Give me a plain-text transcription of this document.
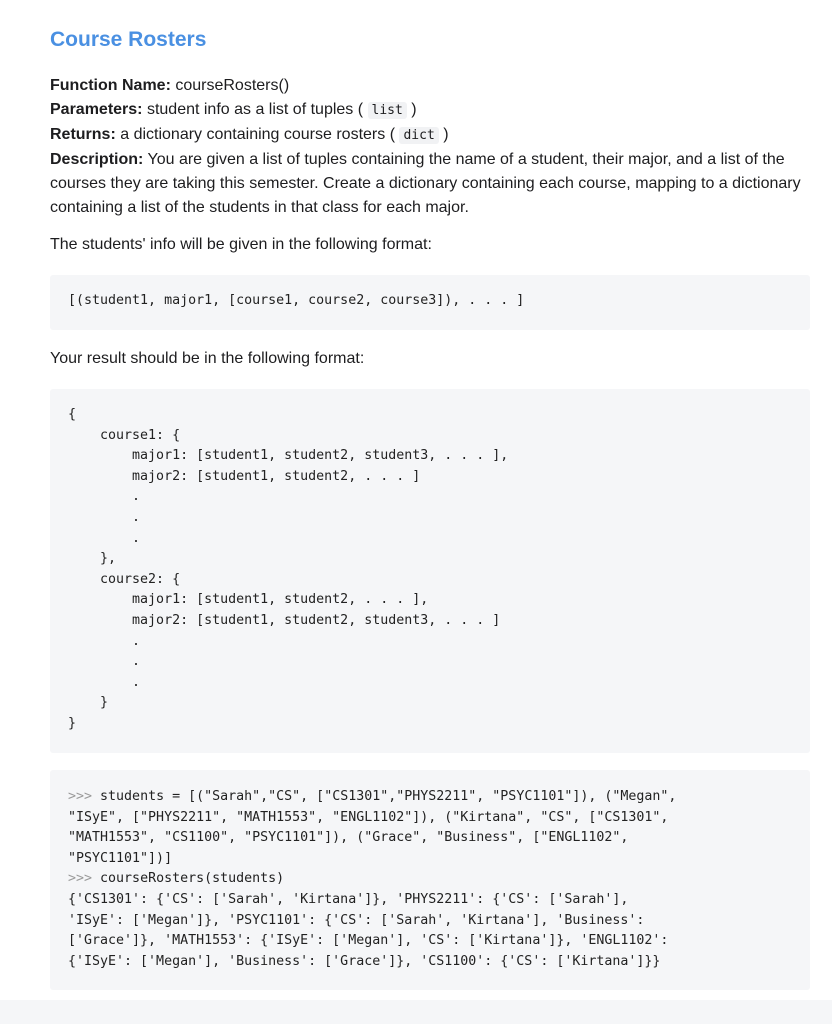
Course Rosters

Function Name: courseRosters()

Parameters: student info as a list of tuples ( list )

Returns: a dictionary containing course rosters ( dict )

Description: You are given a list of tuples containing the name of a student, their major, and a list of the courses they are taking this semester. Create a dictionary containing each course, mapping to a dictionary containing a list of the students in that class for each major.

The students' info will be given in the following format:

[(student1, major1, [course1, course2, course3]), . . . ]

Your result should be in the following format:

{
course1: {
major1: [student1, student2, student3, . . . ],
major2: [student1, student2, . . . ]
.
.
.
},
course2: {
major1: [student1, student2, . . . ],
major2: [student1, student2, student3, . . . ]
.
.
.
}
}
>>> students = [("Sarah","CS", ["CS1301","PHYS2211", "PSYC1101"]), ("Megan",
"ISyE", ["PHYS2211", "MATH1553", "ENGL1102"]), ("Kirtana", "CS", ["CS1301",
"MATH1553", "CS1100", "PSYC1101"]), ("Grace", "Business", ["ENGL1102",
"PSYC1101"])]
>>> courseRosters(students)
{'CS1301': {'CS': ['Sarah', 'Kirtana']}, 'PHYS2211': {'CS': ['Sarah'],
'ISyE': ['Megan']}, 'PSYC1101': {'CS': ['Sarah', 'Kirtana'], 'Business':
['Grace']}, 'MATH1553': {'ISyE': ['Megan'], 'CS': ['Kirtana']}, 'ENGL1102':
{'ISyE': ['Megan'], 'Business': ['Grace']}, 'CS1100': {'CS': ['Kirtana']}}
